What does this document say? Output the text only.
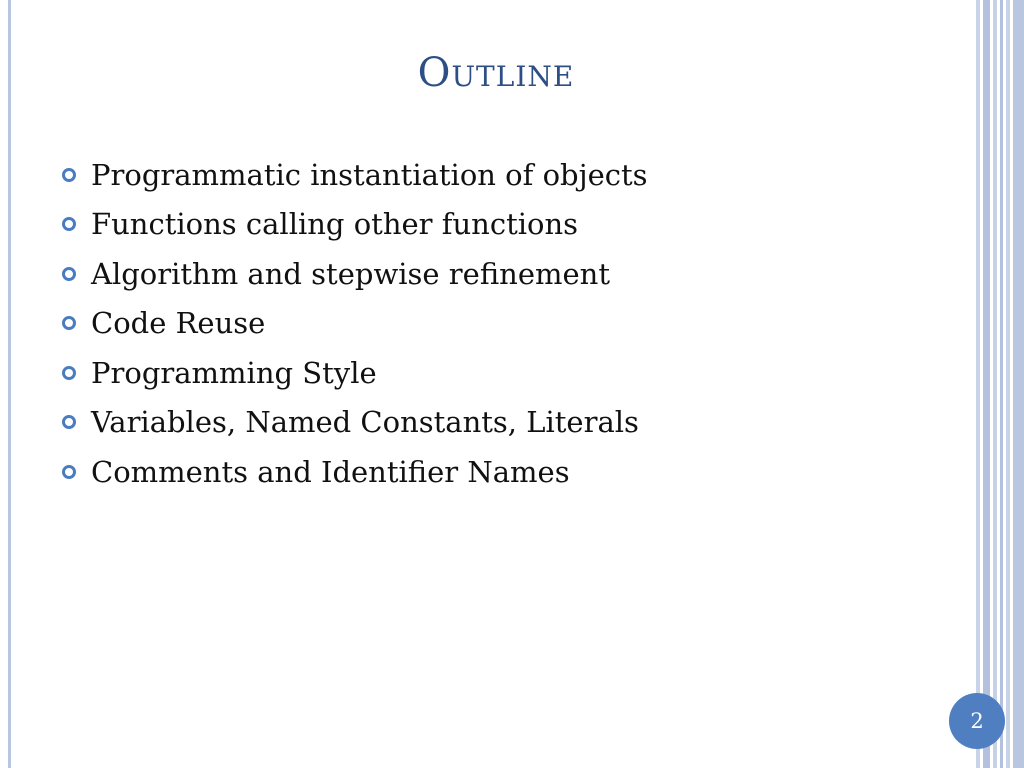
Outline
Programmatic instantiation of objects
Functions calling other functions
Algorithm and stepwise refinement
Code Reuse
Programming Style
Variables, Named Constants, Literals
Comments and Identifier Names
2
